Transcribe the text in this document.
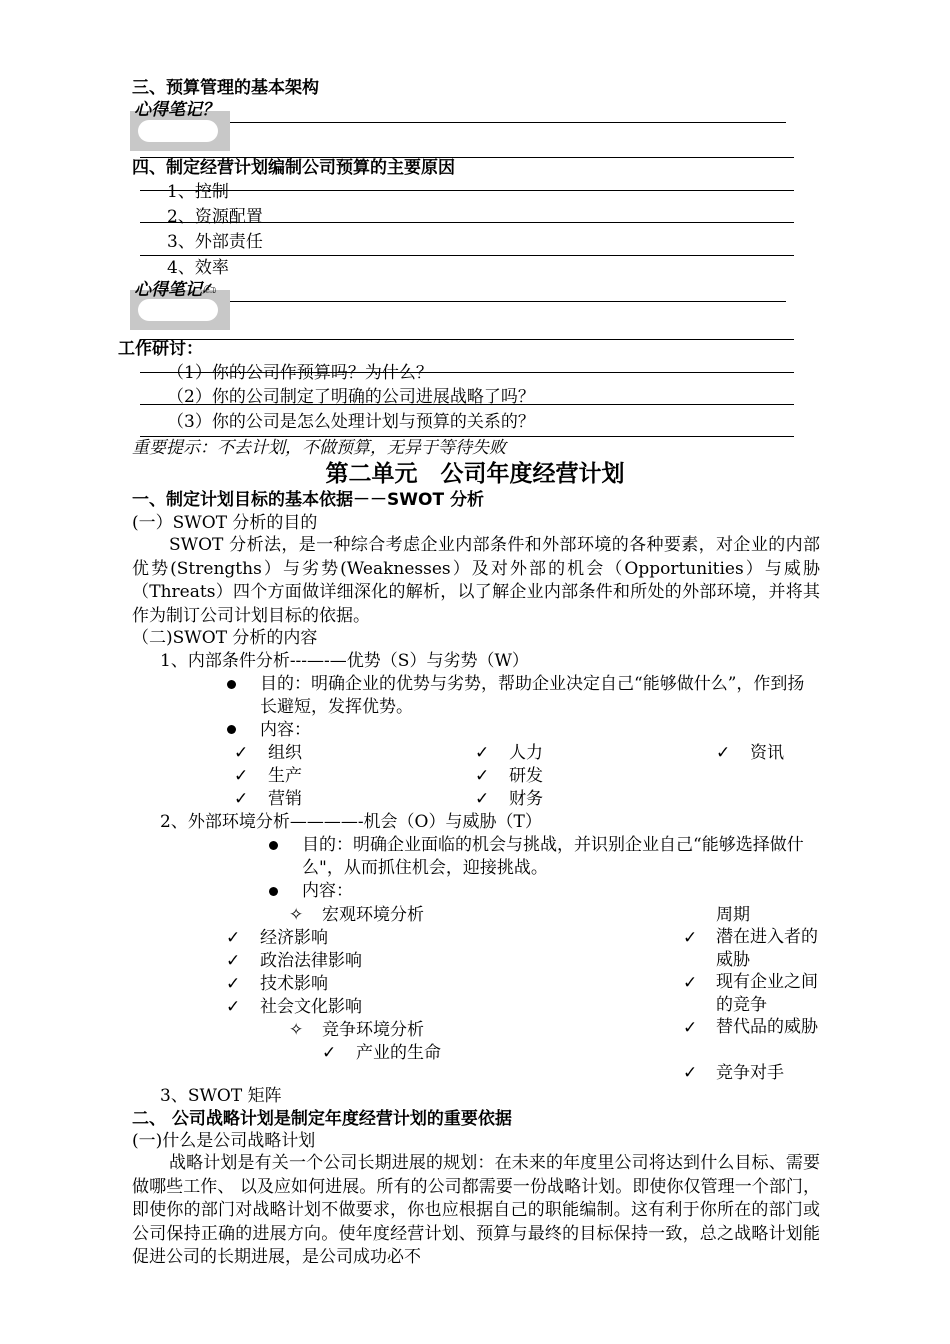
三、预算管理的基本架构
心得笔记？
四、制定经营计划编制公司预算的主要原因
1、控制
2、资源配置
3、外部责任
4、效率
心得笔记✍
工作研讨：
（1）你的公司作预算吗？为什么？
（2）你的公司制定了明确的公司进展战略了吗？
（3）你的公司是怎么处理计划与预算的关系的？
重要提示：不去计划，不做预算，无异于等待失败
第二单元　公司年度经营计划
一、制定计划目标的基本依据－－SWOT 分析
(一）SWOT 分析的目的
SWOT 分析法，是一种综合考虑企业内部条件和外部环境的各种要素，对企业的内部优势(Strengths）与劣势(Weaknesses）及对外部的机会（Opportunities）与威胁（Threats）四个方面做详细深化的解析，以了解企业内部条件和所处的外部环境，并将其作为制订公司计划目标的依据。
（二)SWOT 分析的内容
1、内部条件分析---—-—优势（S）与劣势（W）
目的：明确企业的优势与劣势，帮助企业决定自己“能够做什么”，作到扬长避短，发挥优势。
内容：
✓ 组织
✓ 生产
✓ 营销
✓ 人力
✓ 研发
✓ 财务
✓ 资讯
2、外部环境分析————-机会（O）与威胁（T）
目的：明确企业面临的机会与挑战，并识别企业自己“能够选择做什么"，从而抓住机会，迎接挑战。
内容：
✧ 宏观环境分析
✓ 经济影响
✓ 政治法律影响
✓ 技术影响
✓ 社会文化影响
✧ 竞争环境分析
✓ 产业的生命
周期
✓ 潜在进入者的威胁
✓ 现有企业之间的竞争
✓ 替代品的威胁
✓ 竞争对手
3、SWOT 矩阵
二、 公司战略计划是制定年度经营计划的重要依据
(一)什么是公司战略计划
战略计划是有关一个公司长期进展的规划：在未来的年度里公司将达到什么目标、需要做哪些工作、 以及应如何进展。所有的公司都需要一份战略计划。即使你仅管理一个部门，即使你的部门对战略计划不做要求，你也应根据自己的职能编制。这有利于你所在的部门或公司保持正确的进展方向。使年度经营计划、预算与最终的目标保持一致，总之战略计划能促进公司的长期进展，是公司成功必不
